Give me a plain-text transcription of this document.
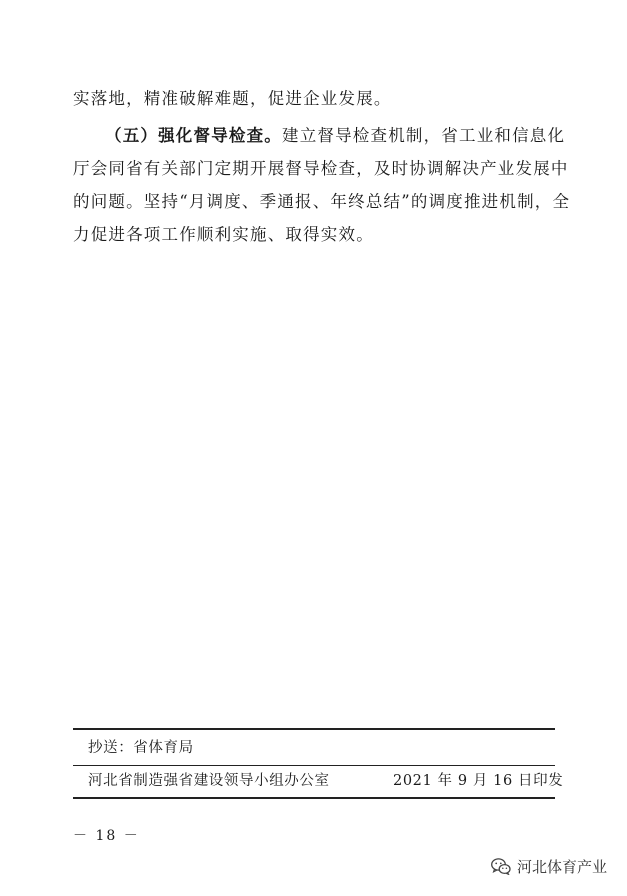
实落地，精准破解难题，促进企业发展。
（五）强化督导检查。建立督导检查机制，省工业和信息化
厅会同省有关部门定期开展督导检查，及时协调解决产业发展中
的问题。坚持“月调度、季通报、年终总结”的调度推进机制，全
力促进各项工作顺利实施、取得实效。
抄送：省体育局
河北省制造强省建设领导小组办公室	2021 年 9 月 16 日印发
－ 18 －
河北体育产业
